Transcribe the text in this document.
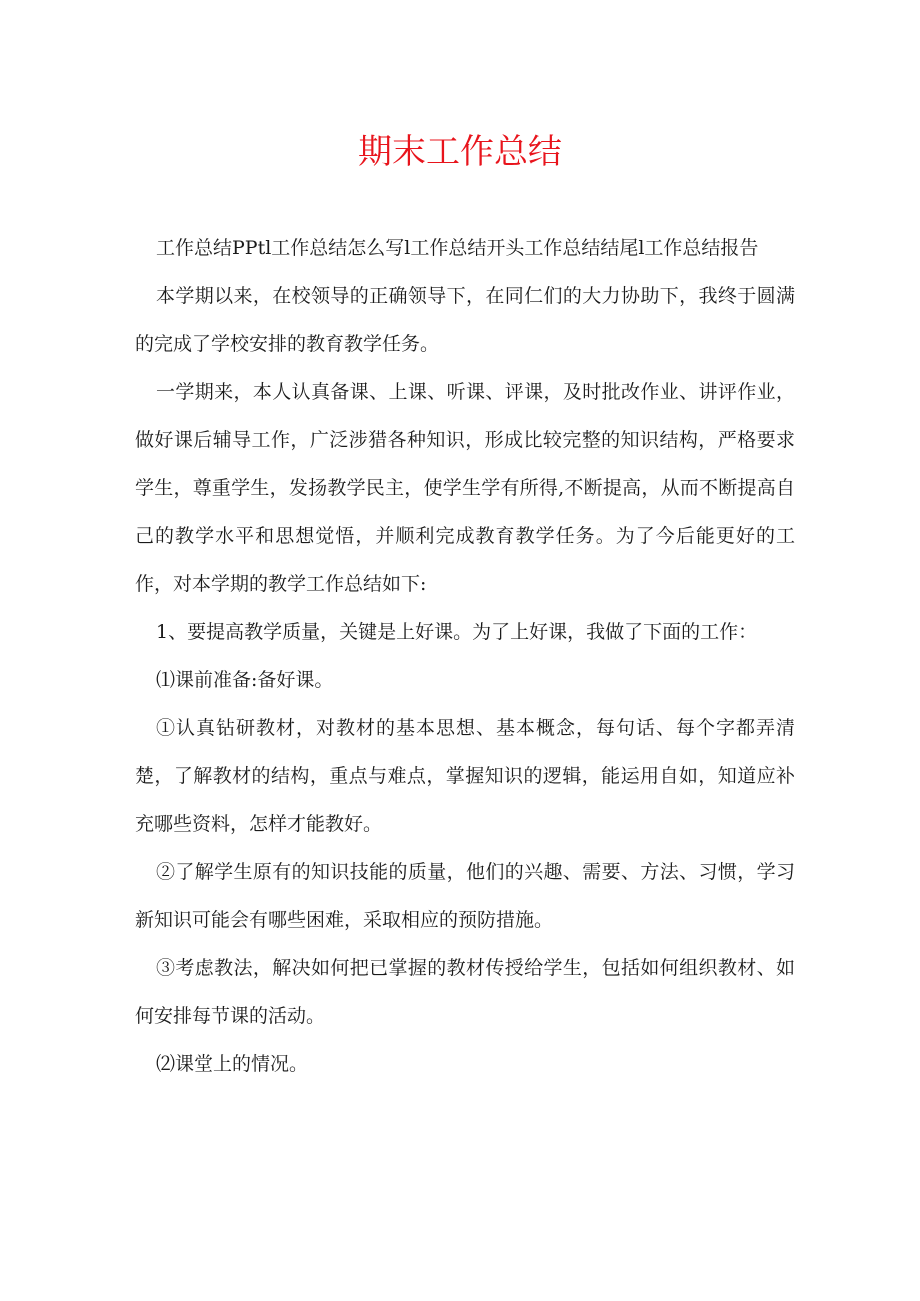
期末工作总结

工作总结PPtl工作总结怎么写l工作总结开头工作总结结尾l工作总结报告

本学期以来，在校领导的正确领导下，在同仁们的大力协助下，我终于圆满的完成了学校安排的教育教学任务。

一学期来，本人认真备课、上课、听课、评课，及时批改作业、讲评作业，做好课后辅导工作，广泛涉猎各种知识，形成比较完整的知识结构，严格要求学生，尊重学生，发扬教学民主，使学生学有所得,不断提高，从而不断提高自己的教学水平和思想觉悟，并顺利完成教育教学任务。为了今后能更好的工作，对本学期的教学工作总结如下:

1、要提高教学质量，关键是上好课。为了上好课，我做了下面的工作：

⑴课前准备:备好课。

①认真钻研教材，对教材的基本思想、基本概念，每句话、每个字都弄清楚，了解教材的结构，重点与难点，掌握知识的逻辑，能运用自如，知道应补充哪些资料，怎样才能教好。

②了解学生原有的知识技能的质量，他们的兴趣、需要、方法、习惯，学习新知识可能会有哪些困难，采取相应的预防措施。

③考虑教法，解决如何把已掌握的教材传授给学生，包括如何组织教材、如何安排每节课的活动。

⑵课堂上的情况。
